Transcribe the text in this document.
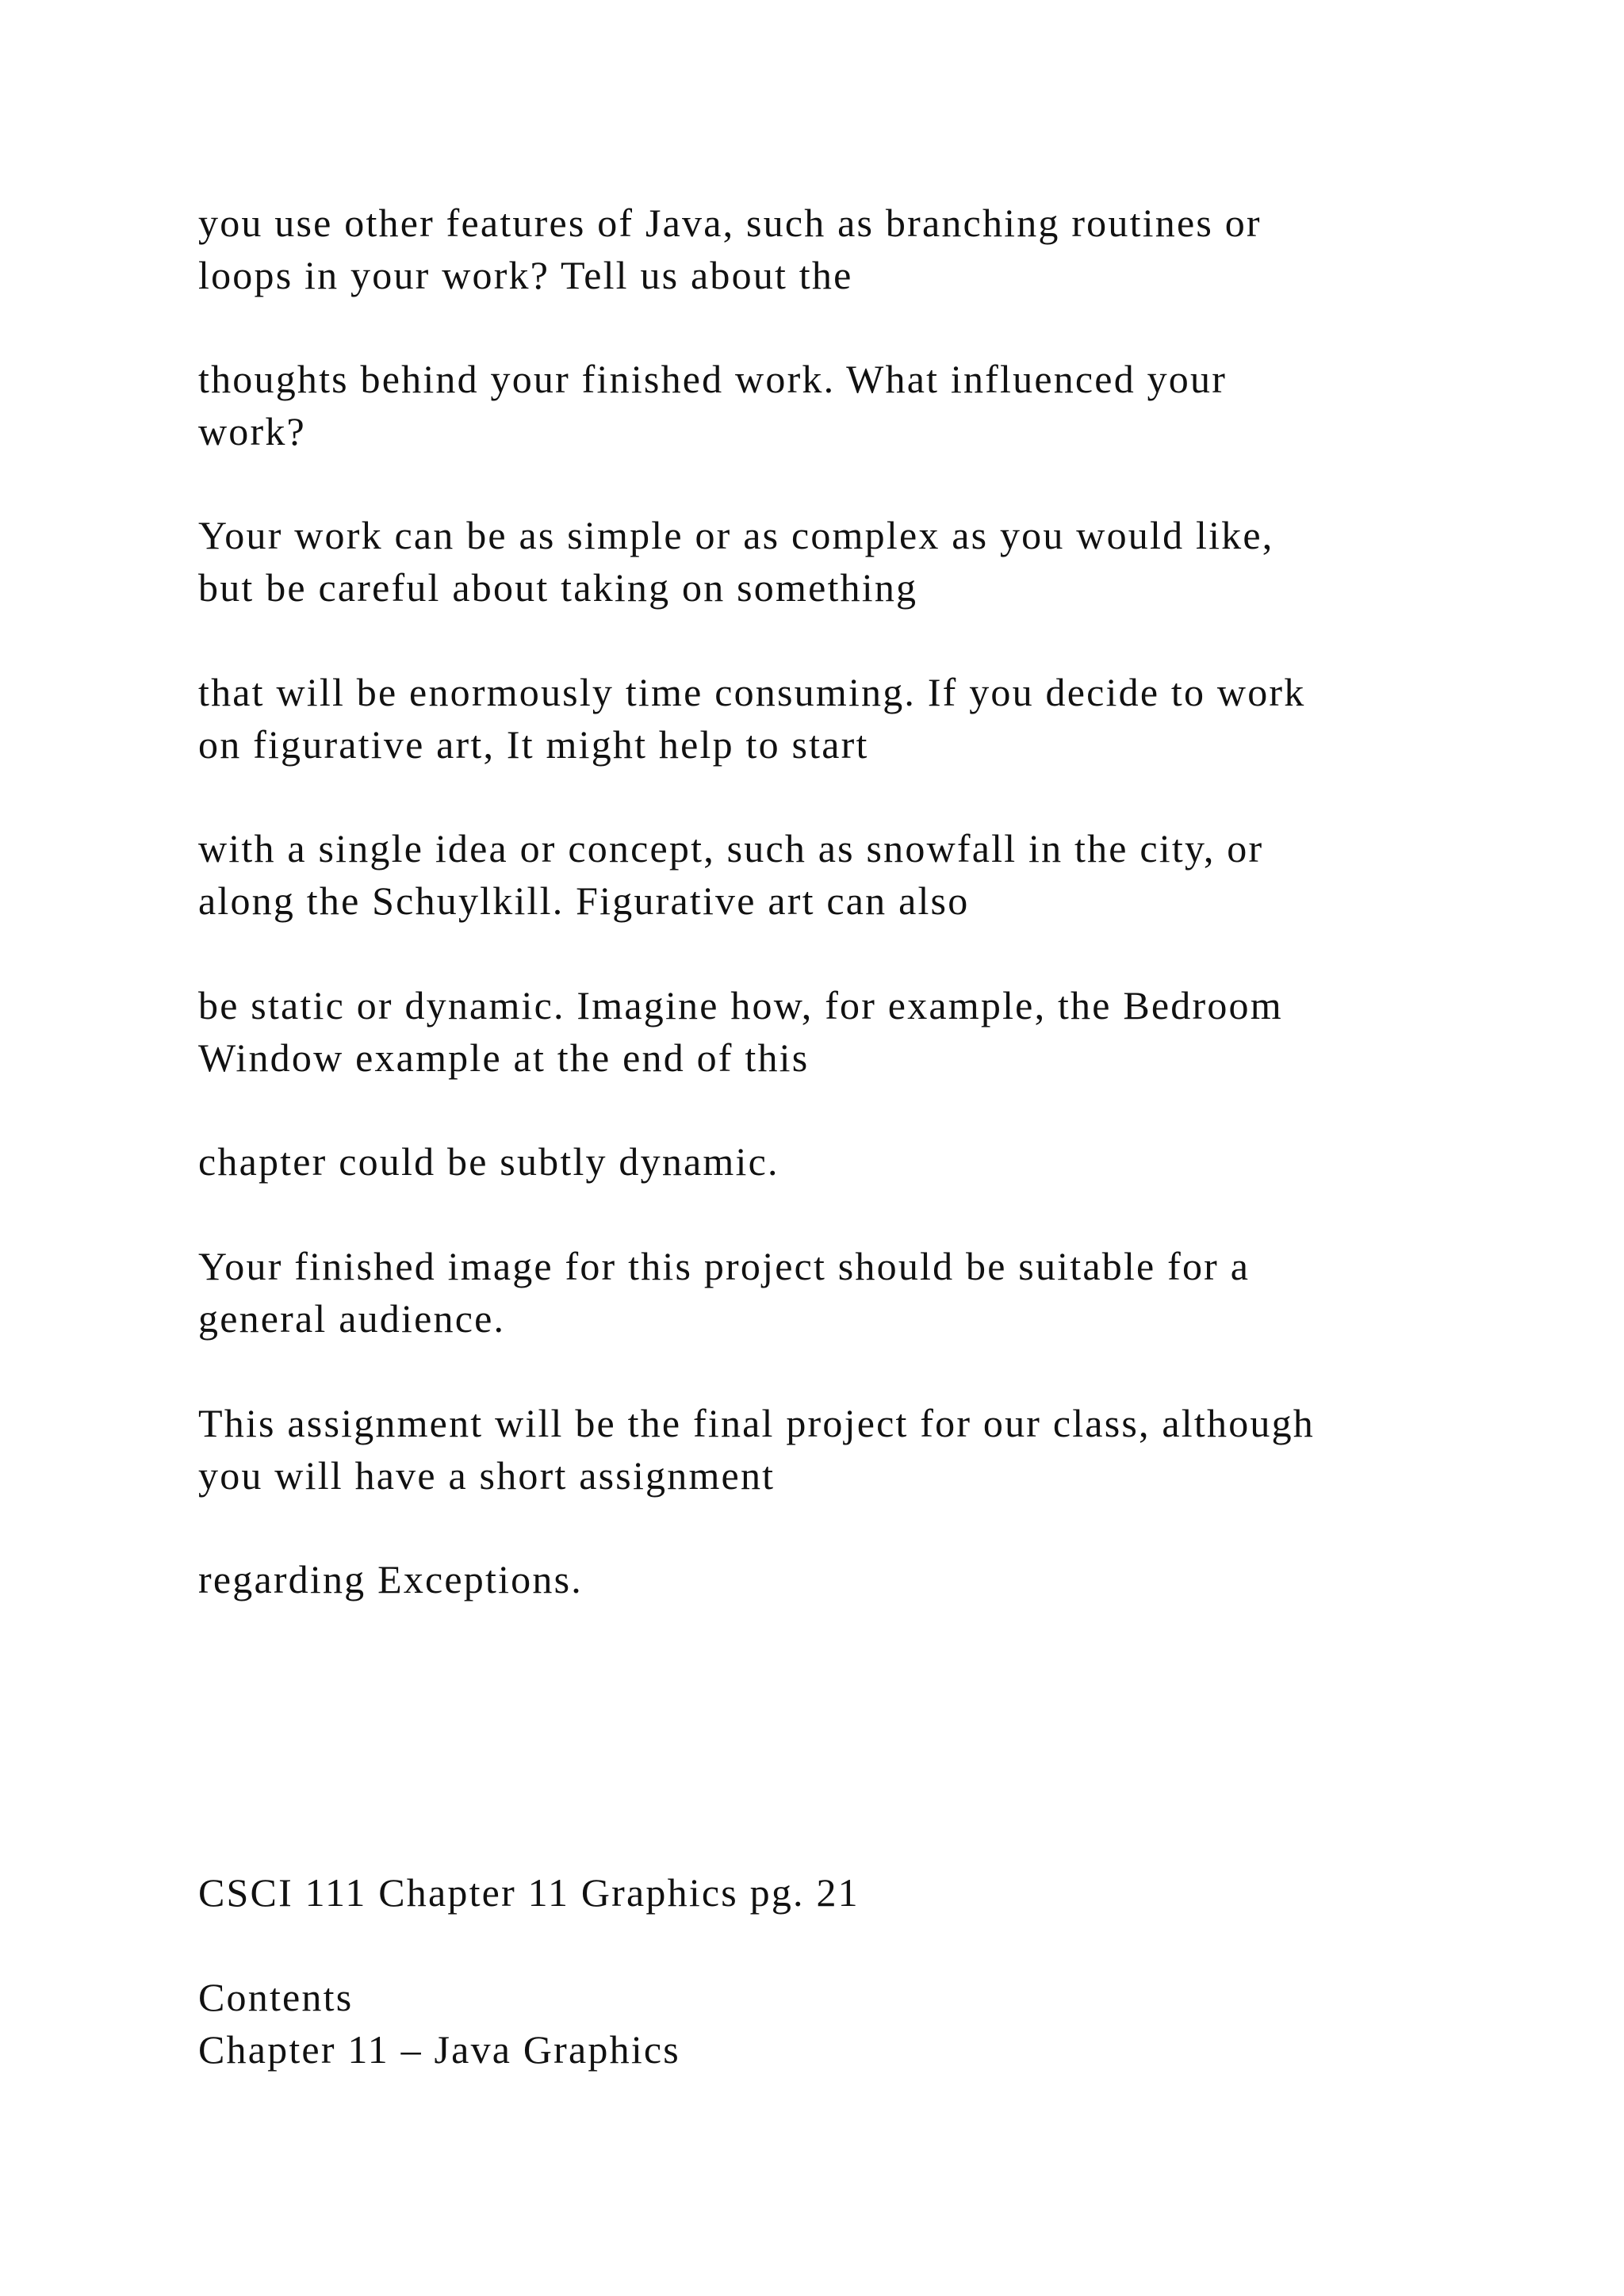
you use other features of Java, such as branching routines or
loops in your work? Tell us about the

thoughts behind your finished work. What influenced your
work?

Your work can be as simple or as complex as you would like,
but be careful about taking on something

that will be enormously time consuming. If you decide to work
on figurative art, It might help to start

with a single idea or concept, such as snowfall in the city, or
along the Schuylkill. Figurative art can also

be static or dynamic. Imagine how, for example, the Bedroom
Window example at the end of this

chapter could be subtly dynamic.

Your finished image for this project should be suitable for a
general audience.

This assignment will be the final project for our class, although
you will have a short assignment

regarding Exceptions.

CSCI 111 Chapter 11 Graphics pg. 21

Contents
Chapter 11 – Java Graphics
